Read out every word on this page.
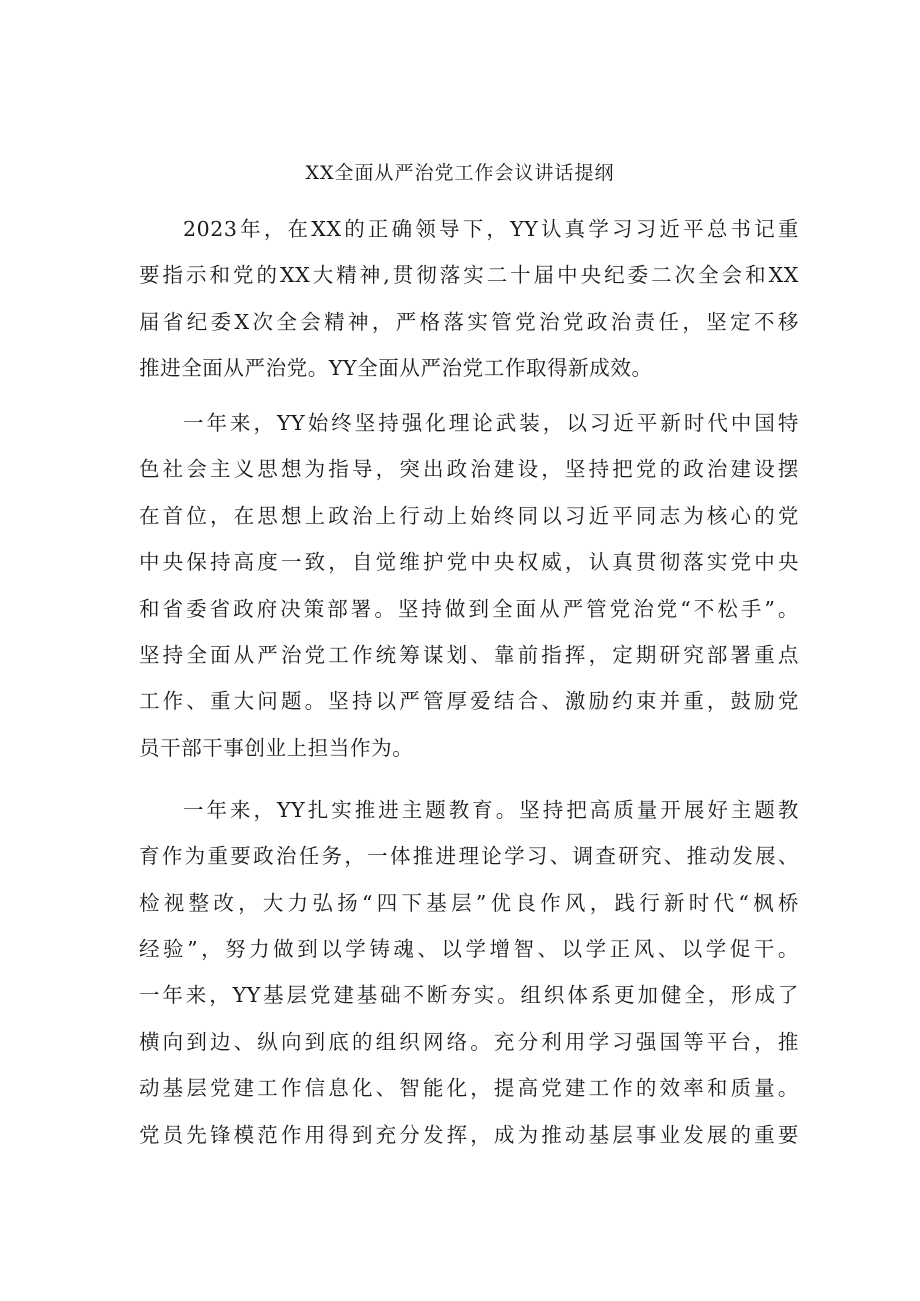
XX全面从严治党工作会议讲话提纲

2023年，在XX的正确领导下，YY认真学习习近平总书记重

要指示和党的XX大精神,贯彻落实二十届中央纪委二次全会和XX

届省纪委X次全会精神，严格落实管党治党政治责任，坚定不移

推进全面从严治党。YY全面从严治党工作取得新成效。

一年来，YY始终坚持强化理论武装，以习近平新时代中国特

色社会主义思想为指导，突出政治建设，坚持把党的政治建设摆

在首位，在思想上政治上行动上始终同以习近平同志为核心的党

中央保持高度一致，自觉维护党中央权威，认真贯彻落实党中央

和省委省政府决策部署。坚持做到全面从严管党治党“不松手”。

坚持全面从严治党工作统筹谋划、靠前指挥，定期研究部署重点

工作、重大问题。坚持以严管厚爱结合、激励约束并重，鼓励党

员干部干事创业上担当作为。

一年来，YY扎实推进主题教育。坚持把高质量开展好主题教

育作为重要政治任务，一体推进理论学习、调查研究、推动发展、

检视整改，大力弘扬“四下基层”优良作风，践行新时代“枫桥

经验”，努力做到以学铸魂、以学增智、以学正风、以学促干。

一年来，YY基层党建基础不断夯实。组织体系更加健全，形成了

横向到边、纵向到底的组织网络。充分利用学习强国等平台，推

动基层党建工作信息化、智能化，提高党建工作的效率和质量。

党员先锋模范作用得到充分发挥，成为推动基层事业发展的重要
